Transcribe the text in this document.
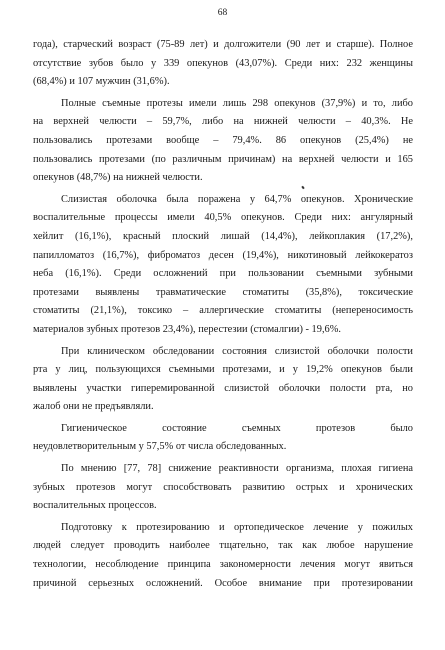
68

года), старческий возраст (75-89 лет) и долгожители (90 лет и старше). Полное
отсутствие зубов было у 339 опекунов (43,07%). Среди них: 232 женщины
(68,4%) и 107 мужчин (31,6%).

Полные съемные протезы имели лишь 298 опекунов (37,9%) и то, либо
на верхней челюсти – 59,7%, либо на нижней челюсти – 40,3%. Не
пользовались протезами вообще – 79,4%. 86 опекунов (25,4%) не
пользовались протезами (по различным причинам) на верхней челюсти и 165
опекунов (48,7%) на нижней челюсти.

Слизистая оболочка была поражена у 64,7% опекунов. Хронические
воспалительные процессы имели 40,5% опекунов. Среди них: ангулярный
хейлит (16,1%), красный плоский лишай (14,4%), лейкоплакия (17,2%),
папилломатоз (16,7%), фиброматоз десен (19,4%), никотиновый лейкокератоз
неба (16,1%). Среди осложнений при пользовании съемными зубными
протезами выявлены травматические стоматиты (35,8%), токсические
стоматиты (21,1%), токсико – аллергические стоматиты (непереносимость
материалов зубных протезов 23,4%), перестезии (стомалгии) - 19,6%.

При клиническом обследовании состояния слизистой оболочки полости
рта у лиц, пользующихся съемными протезами, и у 19,2% опекунов были
выявлены участки гиперемированной слизистой оболочки полости рта, но
жалоб они не предъявляли.

Гигиеническое	состояние	съемных	протезов	было
неудовлетворительным у 57,5% от числа обследованных.

По мнению [77, 78] снижение реактивности организма, плохая гигиена
зубных протезов могут способствовать развитию острых и хронических
воспалительных процессов.

Подготовку к протезированию и ортопедическое лечение у пожилых
людей следует проводить наиболее тщательно, так как любое нарушение
технологии, несоблюдение принципа закономерности лечения могут явиться
причиной серьезных осложнений. Особое внимание при протезировании
